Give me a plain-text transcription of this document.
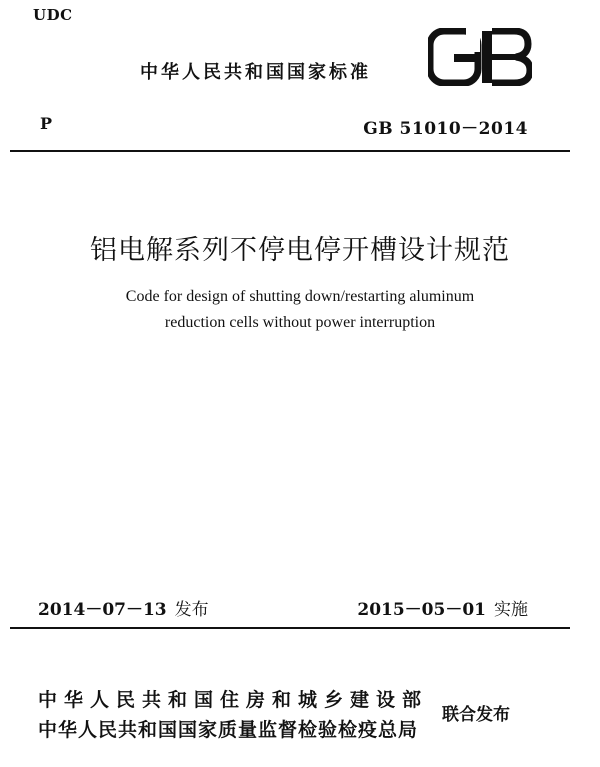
UDC
中华人民共和国国家标准
P	GB 51010－2014
铝电解系列不停电停开槽设计规范
Code for design of shutting down/restarting aluminum
reduction cells without power interruption
2014－07－13 发布	2015－05－01 实施
中华人民共和国住房和城乡建设部
中华人民共和国国家质量监督检验检疫总局
联合发布
